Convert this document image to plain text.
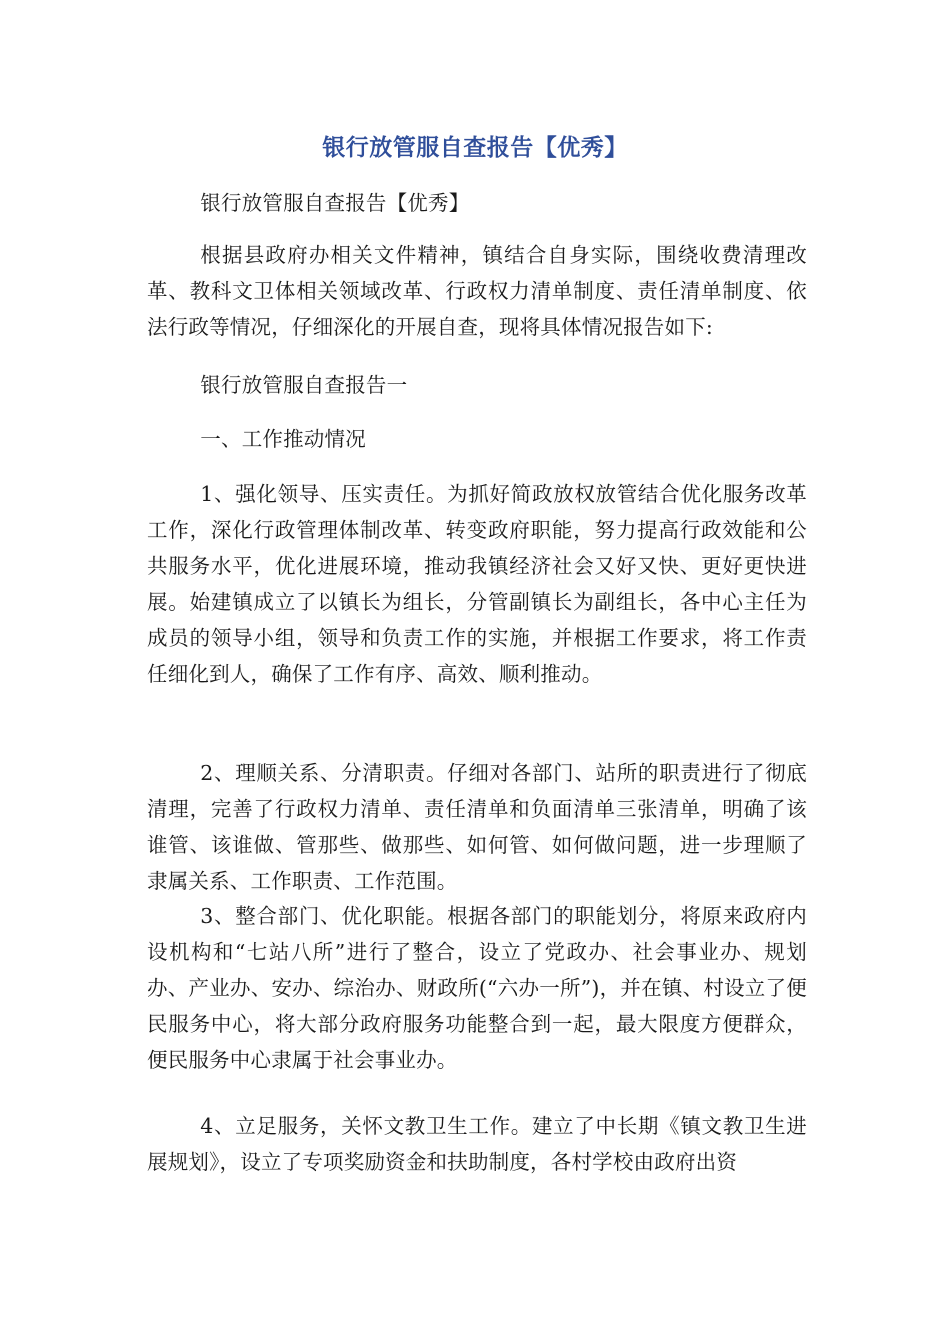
银行放管服自查报告【优秀】

银行放管服自查报告【优秀】

根据县政府办相关文件精神，镇结合自身实际，围绕收费清理改革、教科文卫体相关领域改革、行政权力清单制度、责任清单制度、依法行政等情况，仔细深化的开展自查，现将具体情况报告如下:

银行放管服自查报告一

一、工作推动情况

1、强化领导、压实责任。为抓好简政放权放管结合优化服务改革工作，深化行政管理体制改革、转变政府职能，努力提高行政效能和公共服务水平，优化进展环境，推动我镇经济社会又好又快、更好更快进展。始建镇成立了以镇长为组长，分管副镇长为副组长，各中心主任为成员的领导小组，领导和负责工作的实施，并根据工作要求，将工作责任细化到人，确保了工作有序、高效、顺利推动。

2、理顺关系、分清职责。仔细对各部门、站所的职责进行了彻底清理，完善了行政权力清单、责任清单和负面清单三张清单，明确了该谁管、该谁做、管那些、做那些、如何管、如何做问题，进一步理顺了隶属关系、工作职责、工作范围。

3、整合部门、优化职能。根据各部门的职能划分，将原来政府内设机构和“七站八所”进行了整合，设立了党政办、社会事业办、规划办、产业办、安办、综治办、财政所(“六办一所”)，并在镇、村设立了便民服务中心，将大部分政府服务功能整合到一起，最大限度方便群众，便民服务中心隶属于社会事业办。

4、立足服务，关怀文教卫生工作。建立了中长期《镇文教卫生进展规划》，设立了专项奖励资金和扶助制度，各村学校由政府出资
